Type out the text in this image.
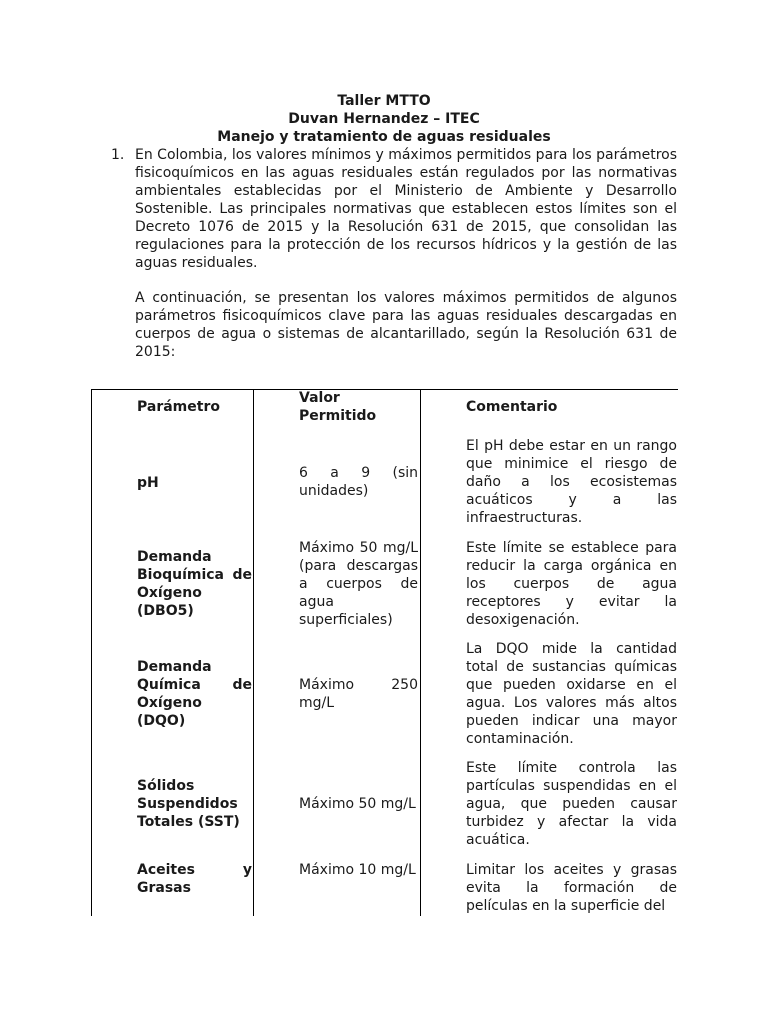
Taller MTTO
Duvan Hernandez – ITEC
Manejo y tratamiento de aguas residuales
1. En Colombia, los valores mínimos y máximos permitidos para los parámetros fisicoquímicos en las aguas residuales están regulados por las normativas ambientales establecidas por el Ministerio de Ambiente y Desarrollo Sostenible. Las principales normativas que establecen estos límites son el Decreto 1076 de 2015 y la Resolución 631 de 2015, que consolidan las regulaciones para la protección de los recursos hídricos y la gestión de las aguas residuales.

A continuación, se presentan los valores máximos permitidos de algunos parámetros fisicoquímicos clave para las aguas residuales descargadas en cuerpos de agua o sistemas de alcantarillado, según la Resolución 631 de 2015:

Parámetro

Valor Permitido

Comentario

pH

6 a 9 (sin unidades)

El pH debe estar en un rango que minimice el riesgo de daño a los ecosistemas acuáticos y a las infraestructuras.

Demanda Bioquímica de Oxígeno (DBO5)

Máximo 50 mg/L (para descargas a cuerpos de agua superficiales)

Este límite se establece para reducir la carga orgánica en los cuerpos de agua receptores y evitar la desoxigenación.

Demanda Química de Oxígeno (DQO)

Máximo 250 mg/L

La DQO mide la cantidad total de sustancias químicas que pueden oxidarse en el agua. Los valores más altos pueden indicar una mayor contaminación.

Sólidos Suspendidos Totales (SST)

Máximo 50 mg/L

Este límite controla las partículas suspendidas en el agua, que pueden causar turbidez y afectar la vida acuática.

Aceites y Grasas

Máximo 10 mg/L	Limitar los aceites y grasas evita la formación de películas en la superficie del
